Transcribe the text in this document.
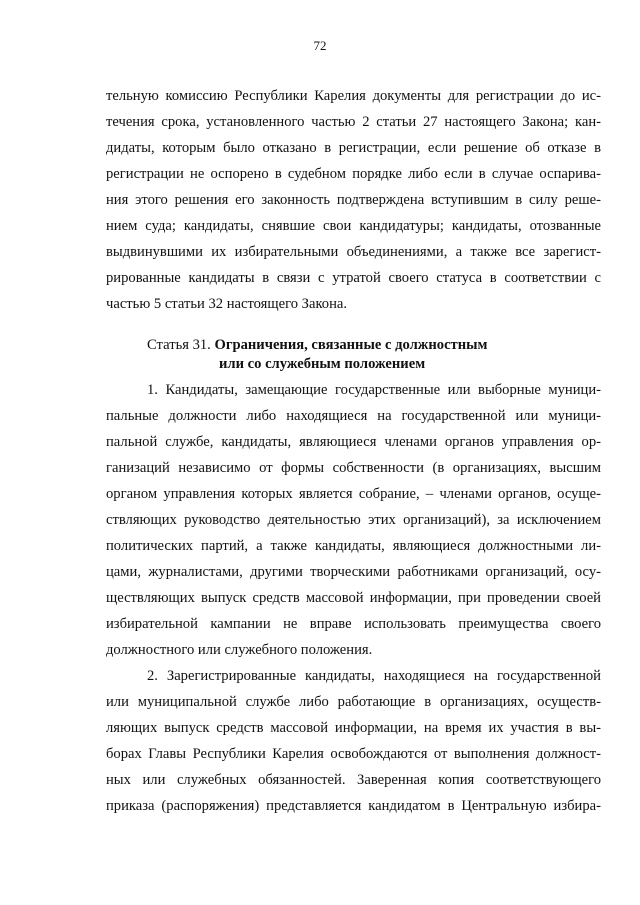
72
тельную комиссию Республики Карелия документы для регистрации до ис-
течения срока, установленного частью 2 статьи 27 настоящего Закона; кан-
дидаты, которым было отказано в регистрации, если решение об отказе в
регистрации не оспорено в судебном порядке либо если в случае оспарива-
ния этого решения его законность подтверждена вступившим в силу реше-
нием суда; кандидаты, снявшие свои кандидатуры; кандидаты, отозванные
выдвинувшими их избирательными объединениями, а также все зарегист-
рированные кандидаты в связи с утратой своего статуса в соответствии с
частью 5 статьи 32 настоящего Закона.
Статья 31. Ограничения, связанные с должностным
или со служебным положением
1. Кандидаты, замещающие государственные или выборные муници-
пальные должности либо находящиеся на государственной или муници-
пальной службе, кандидаты, являющиеся членами органов управления ор-
ганизаций независимо от формы собственности (в организациях, высшим
органом управления которых является собрание, – членами органов, осуще-
ствляющих руководство деятельностью этих организаций), за исключением
политических партий, а также кандидаты, являющиеся должностными ли-
цами, журналистами, другими творческими работниками организаций, осу-
ществляющих выпуск средств массовой информации, при проведении своей
избирательной кампании не вправе использовать преимущества своего
должностного или служебного положения.
2. Зарегистрированные кандидаты, находящиеся на государственной
или муниципальной службе либо работающие в организациях, осуществ-
ляющих выпуск средств массовой информации, на время их участия в вы-
борах Главы Республики Карелия освобождаются от выполнения должност-
ных или служебных обязанностей. Заверенная копия соответствующего
приказа (распоряжения) представляется кандидатом в Центральную избира-
